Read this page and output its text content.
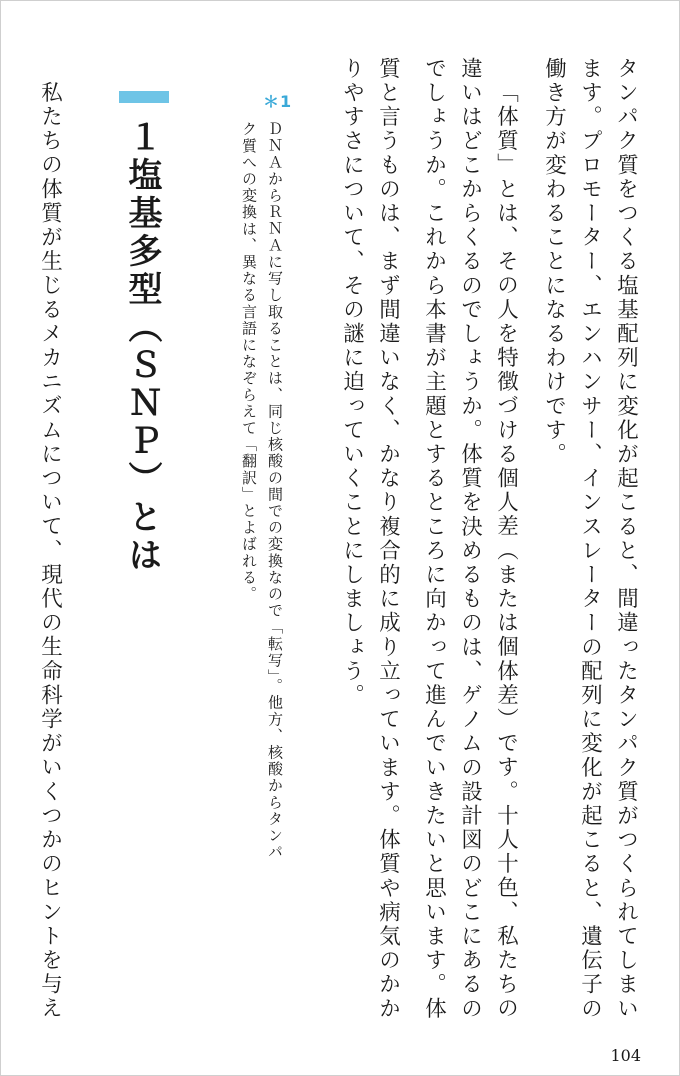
タンパク質をつくる塩基配列に変化が起こると、間違ったタンパク質がつくられてしまい
ます。プロモーター、エンハンサー、インスレーターの配列に変化が起こると、遺伝子の
働き方が変わることになるわけです。
「体質」とは、その人を特徴づける個人差（または個体差）です。十人十色、私たちの
違いはどこからくるのでしょうか。体質を決めるものは、ゲノムの設計図のどこにあるの
でしょうか。これから本書が主題とするところに向かって進んでいきたいと思います。体
質と言うものは、まず間違いなく、かなり複合的に成り立っています。体質や病気のかか
りやすさについて、その謎に迫っていくことにしましょう。
＊1
ＤＮＡからＲＮＡに写し取ることは、同じ核酸の間での変換なので「転写」。他方、核酸からタンパ
ク質への変換は、異なる言語になぞらえて「翻訳」とよばれる。
１塩基多型（ＳＮＰ）とは
私たちの体質が生じるメカニズムについて、現代の生命科学がいくつかのヒントを与え
104
